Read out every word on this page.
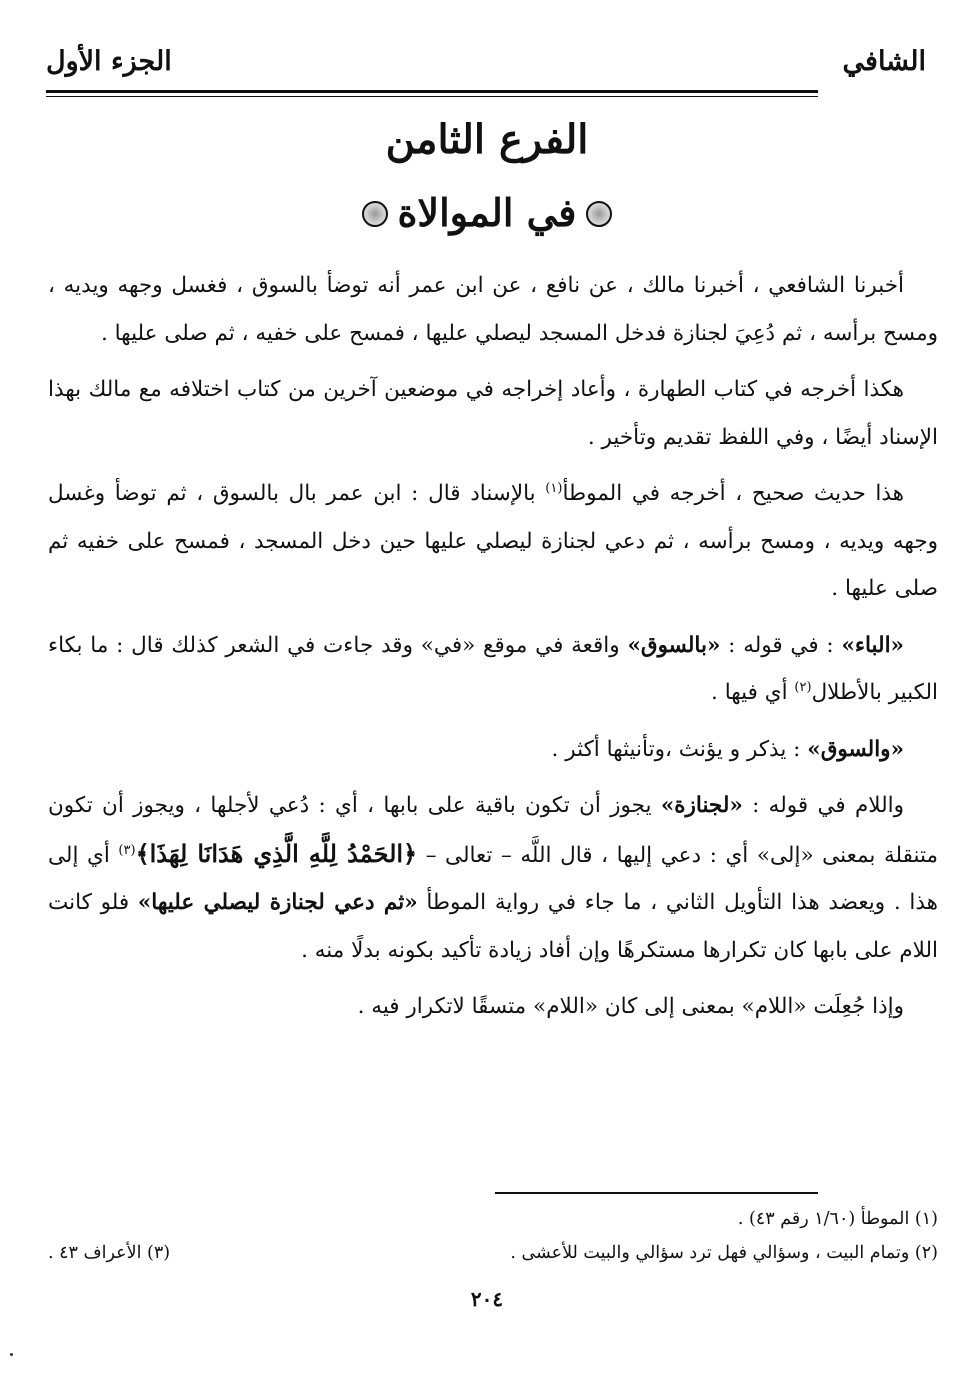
الشافي
الجزء الأول
الفرع الثامن
في الموالاة

أخبرنا الشافعي ، أخبرنا مالك ، عن نافع ، عن ابن عمر أنه توضأ بالسوق ، فغسل وجهه ويديه ، ومسح برأسه ، ثم دُعِيَ لجنازة فدخل المسجد ليصلي عليها ، فمسح على خفيه ، ثم صلى عليها .

هكذا أخرجه في كتاب الطهارة ، وأعاد إخراجه في موضعين آخرين من كتاب اختلافه مع مالك بهذا الإسناد أيضًا ، وفي اللفظ تقديم وتأخير .

هذا حديث صحيح ، أخرجه في الموطأ$^{(١)}$ بالإسناد قال : ابن عمر بال بالسوق ، ثم توضأ وغسل وجهه ويديه ، ومسح برأسه ، ثم دعي لجنازة ليصلي عليها حين دخل المسجد ، فمسح على خفيه ثم صلى عليها .

«الباء» : في قوله : «بالسوق» واقعة في موقع «في» وقد جاءت في الشعر كذلك قال : ما بكاء الكبير بالأطلال$^{(٢)}$ أي فيها .

«والسوق» : يذكر و يؤنث ،وتأنيثها أكثر .

واللام في قوله : «لجنازة» يجوز أن تكون باقية على بابها ، أي : دُعي لأجلها ، ويجوز أن تكون متنقلة بمعنى «إلى» أي : دعي إليها ، قال اللَّه – تعالى – ﴿الحَمْدُ لِلَّهِ الَّذِي هَدَانَا لِهَذَا﴾$^{(٣)}$ أي إلى هذا . ويعضد هذا التأويل الثاني ، ما جاء في رواية الموطأ «ثم دعي لجنازة ليصلي عليها» فلو كانت اللام على بابها كان تكرارها مستكرهًا وإن أفاد زيادة تأكيد بكونه بدلًا منه .

وإذا جُعِلَت «اللام» بمعنى إلى كان «اللام» متسقًا لاتكرار فيه .

(١) الموطأ (١/٦٠ رقم ٤٣) .
(٢) وتمام البيت ، وسؤالي فهل ترد سؤالي والبيت للأعشى .
(٣) الأعراف ٤٣ .
٢٠٤
